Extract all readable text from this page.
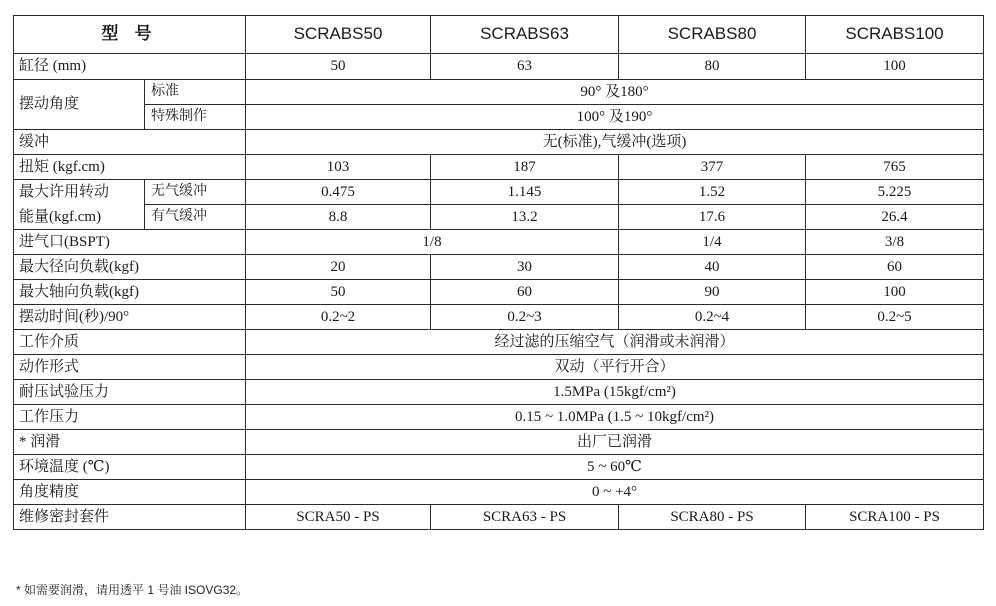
型 号		SCRABS50	SCRABS63	SCRABS80	SCRABS100
缸径 (mm)		50	63	80	100
摆动角度	标准	90° 及180°			
	特殊制作	100° 及190°			
缓冲		无(标准),气缓冲(选项)			
扭矩 (kgf.cm)		103	187	377	765
最大许用转动	无气缓冲	0.475	1.145	1.52	5.225
能量(kgf.cm)	有气缓冲	8.8	13.2	17.6	26.4
进气口(BSPT)		1/8		1/4	3/8
最大径向负载(kgf)		20	30	40	60
最大轴向负载(kgf)		50	60	90	100
摆动时间(秒)/90°		0.2~2	0.2~3	0.2~4	0.2~5
工作介质		经过滤的压缩空气（润滑或未润滑）			
动作形式		双动（平行开合）			
耐压试验压力		1.5MPa (15kgf/cm²)			
工作压力		0.15 ~ 1.0MPa (1.5 ~ 10kgf/cm²)			
* 润滑		出厂已润滑			
环境温度 (℃)		5 ~ 60℃			
角度精度		0 ~ +4°			
维修密封套件		SCRA50 - PS	SCRA63 - PS	SCRA80 - PS	SCRA100 - PS
* 如需要润滑，请用透平 1 号油 ISOVG32。
